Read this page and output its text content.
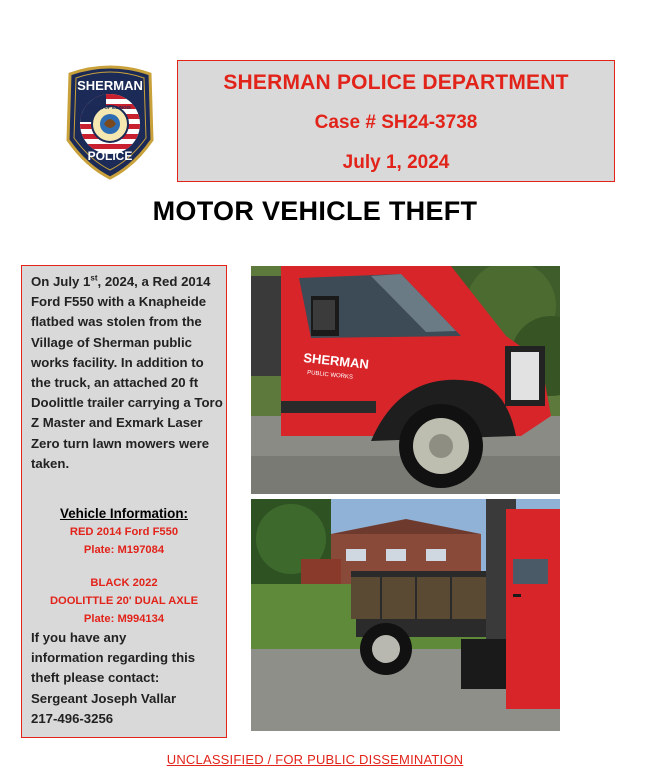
SHERMAN
STATE OF ILLINOIS
POLICE
SHERMAN POLICE DEPARTMENT
Case # SH24-3738
July 1, 2024
MOTOR VEHICLE THEFT
On July 1st, 2024, a Red 2014 Ford F550 with a Knapheide flatbed was stolen from the Village of Sherman public works facility. In addition to the truck, an attached 20 ft Doolittle trailer carrying a Toro Z Master and Exmark Laser Zero turn lawn mowers were taken.
Vehicle Information:
RED 2014 Ford F550
Plate: M197084
BLACK 2022
DOOLITTLE 20' DUAL AXLE
Plate: M994134
If you have any
information regarding this
theft please contact:
Sergeant Joseph Vallar
217-496-3256
SHERMAN
PUBLIC WORKS
UNCLASSIFIED / FOR PUBLIC DISSEMINATION
